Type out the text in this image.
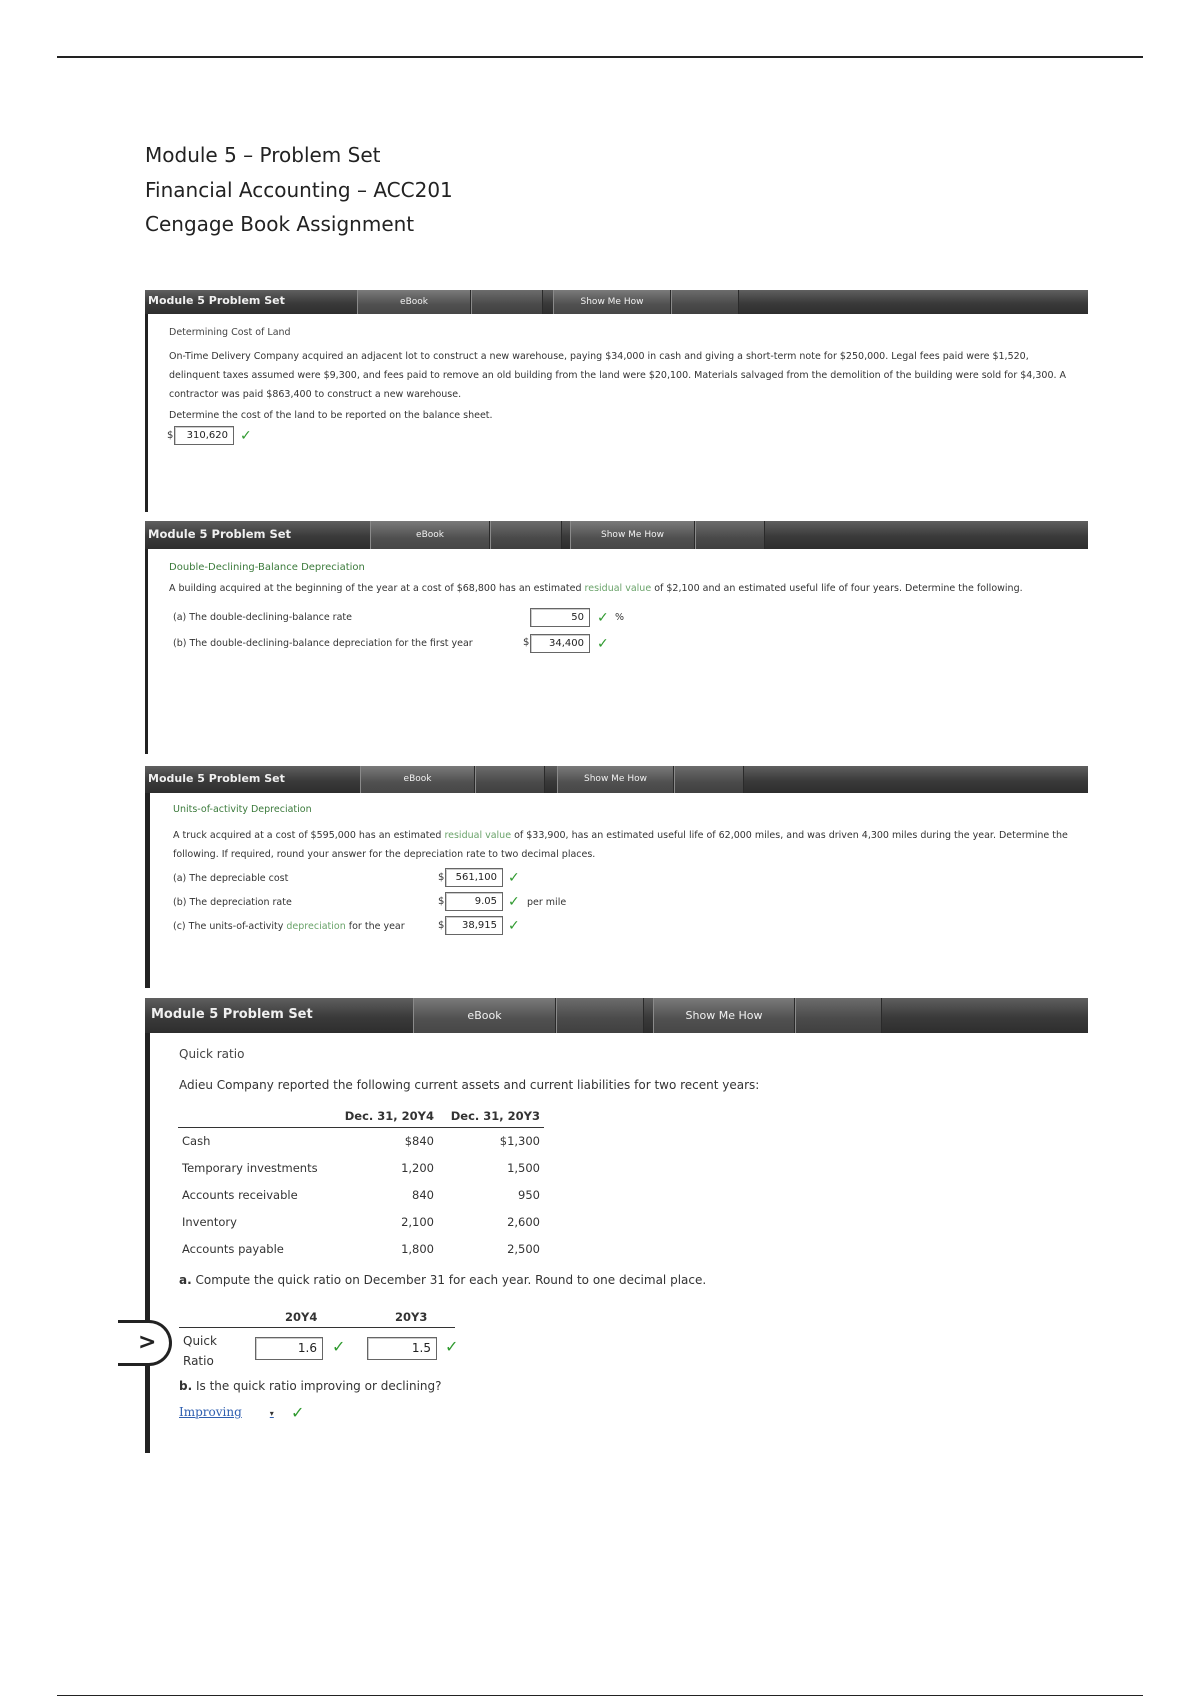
Module 5 – Problem Set
Financial Accounting – ACC201
Cengage Book Assignment
Module 5 Problem Set	eBook	Show Me How
Determining Cost of Land
On-Time Delivery Company acquired an adjacent lot to construct a new warehouse, paying $34,000 in cash and giving a short-term note for $250,000. Legal fees paid were $1,520,
delinquent taxes assumed were $9,300, and fees paid to remove an old building from the land were $20,100. Materials salvaged from the demolition of the building were sold for $4,300. A
contractor was paid $863,400 to construct a new warehouse.
Determine the cost of the land to be reported on the balance sheet.
$	310,620 ✓
Module 5 Problem Set	eBook	Show Me How
Double-Declining-Balance Depreciation
A building acquired at the beginning of the year at a cost of $68,800 has an estimated residual value of $2,100 and an estimated useful life of four years. Determine the following.
(a) The double-declining-balance rate	50 ✓ %
(b) The double-declining-balance depreciation for the first year	$	34,400 ✓
Module 5 Problem Set	eBook	Show Me How
Units-of-activity Depreciation
A truck acquired at a cost of $595,000 has an estimated residual value of $33,900, has an estimated useful life of 62,000 miles, and was driven 4,300 miles during the year. Determine the
following. If required, round your answer for the depreciation rate to two decimal places.
(a) The depreciable cost	$	561,100 ✓
(b) The depreciation rate	$	9.05 ✓ per mile
(c) The units-of-activity depreciation for the year	$	38,915 ✓
Module 5 Problem Set	eBook	Show Me How
Quick ratio
Adieu Company reported the following current assets and current liabilities for two recent years:
	Dec. 31, 20Y4	Dec. 31, 20Y3
Cash	$840	$1,300
Temporary investments	1,200	1,500
Accounts receivable	840	950
Inventory	2,100	2,600
Accounts payable	1,800	2,500
a. Compute the quick ratio on December 31 for each year. Round to one decimal place.
20Y4	20Y3
Quick
Ratio
1.6 ✓	1.5 ✓
b. Is the quick ratio improving or declining?
Improving	▾ ✓
>
